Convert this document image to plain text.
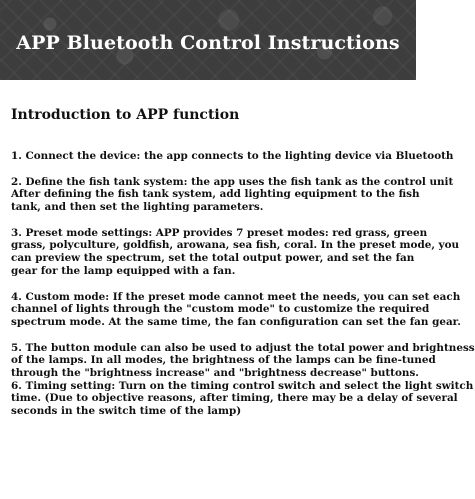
APP Bluetooth Control Instructions
Introduction to APP function
1. Connect the device: the app connects to the lighting device via Bluetooth
2. Define the fish tank system: the app uses the fish tank as the control unit
After defining the fish tank system, add lighting equipment to the fish
tank, and then set the lighting parameters.
3. Preset mode settings: APP provides 7 preset modes: red grass, green
grass, polyculture, goldfish, arowana, sea fish, coral. In the preset mode, you
can preview the spectrum, set the total output power, and set the fan
gear for the lamp equipped with a fan.
4. Custom mode: If the preset mode cannot meet the needs, you can set each
channel of lights through the "custom mode" to customize the required
spectrum mode. At the same time, the fan configuration can set the fan gear.
5. The button module can also be used to adjust the total power and brightness
of the lamps. In all modes, the brightness of the lamps can be fine-tuned
through the "brightness increase" and "brightness decrease" buttons.
6. Timing setting: Turn on the timing control switch and select the light switch
time. (Due to objective reasons, after timing, there may be a delay of several
seconds in the switch time of the lamp)
